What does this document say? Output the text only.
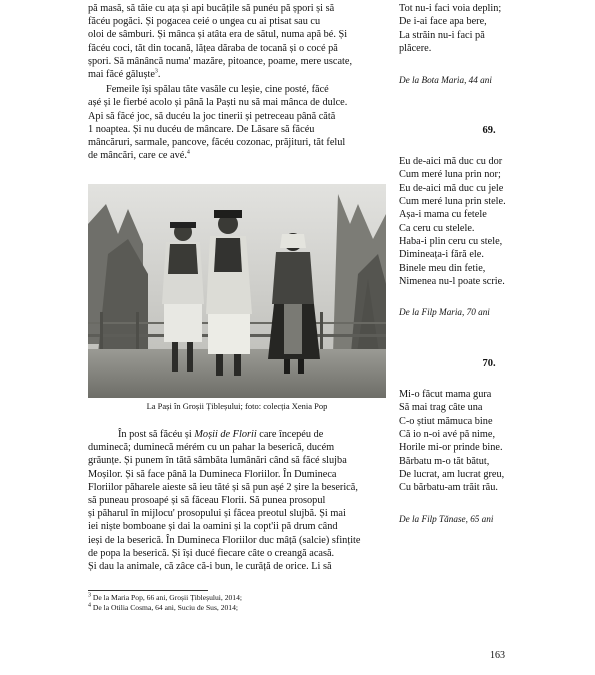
pă masă, să tăie cu ața și api bucățile să punéu pă șpori și să
făcéu pogăci. Și pogacea ceié o ungea cu ai ptisat sau cu
oloi de sâmburi. Și mânca și atâta era de sătul, numa apă bé. Și
făcéu coci, tăt din tocană, lățea dăraba de tocană și o cocé pă
șpori. Să mânâncă numa' mazăre, pitoance, poame, mere uscate,
mai făcé găluște$^3$.

Femeile își spălau tăte vasăle cu leșie, cine posté, făcé
așé și le fierbé acolo și până la Paști nu să mai mânca de dulce.
Api să făcé joc, să ducéu la joc tinerii și petreceau până cătă
1 noaptea. Și nu ducéu de mâncare. De Lăsare să făcéu
mâncăruri, sarmale, pancove, făcéu cozonac, prăjituri, tăt felul
de mâncări, care ce avé.$^4$

La Pași în Groșii Țibleșului; foto: colecția Xenia Pop

În post să făcéu și Moșii de Florii care începéu de
duminecă; duminecă mérém cu un pahar la beserică, ducém
grăunțe. Și punem în tătă sâmbăta lumânări când să făcé slujba
Moșilor. Și să face până la Dumineca Floriilor. În Dumineca
Floriilor păharele aieste să ieu tăté și să pun așé 2 șire la beserică,
să puneau prosoapé și să făceau Florii. Să punea prosopul
și păharul în mijlocu' prosopului și făcea preotul slujbă. Și mai
iei niște bomboane și dai la oamini și la copt'ii pă drum când
ieși de la beserică. În Dumineca Floriilor duc mâță (salcie) sfințite
de popa la beserică. Și își ducé fiecare câte o creangă acasă.
Și dau la animale, că zâce că-i bun, le curăță de orice. Li să

$^3$ De la Maria Pop, 66 ani, Groșii Țibleșului, 2014;
$^4$ De la Otilia Cosma, 64 ani, Suciu de Sus, 2014;

Tot nu-i faci voia deplin;
De i-ai face apa bere,
La străin nu-i faci pă
plăcere.

De la Bota Maria, 44 ani

69.

Eu de-aici mă duc cu dor
Cum meré luna prin nor;
Eu de-aici mă duc cu jele
Cum meré luna prin stele.
Așa-i mama cu fetele
Ca ceru cu stelele.
Haba-i plin ceru cu stele,
Dimineața-i fără ele.
Binele meu din fetie,
Nimenea nu-l poate scrie.

De la Filp Maria, 70 ani

70.

Mi-o făcut mama gura
Să mai trag câte una
C-o știut mămuca bine
Că io n-oi avé pă nime,
Horile mi-or prinde bine.
Bărbatu m-o tăt bătut,
De lucrat, am lucrat greu,
Cu bărbatu-am trăit rău.

De la Filp Tănase, 65 ani

163
